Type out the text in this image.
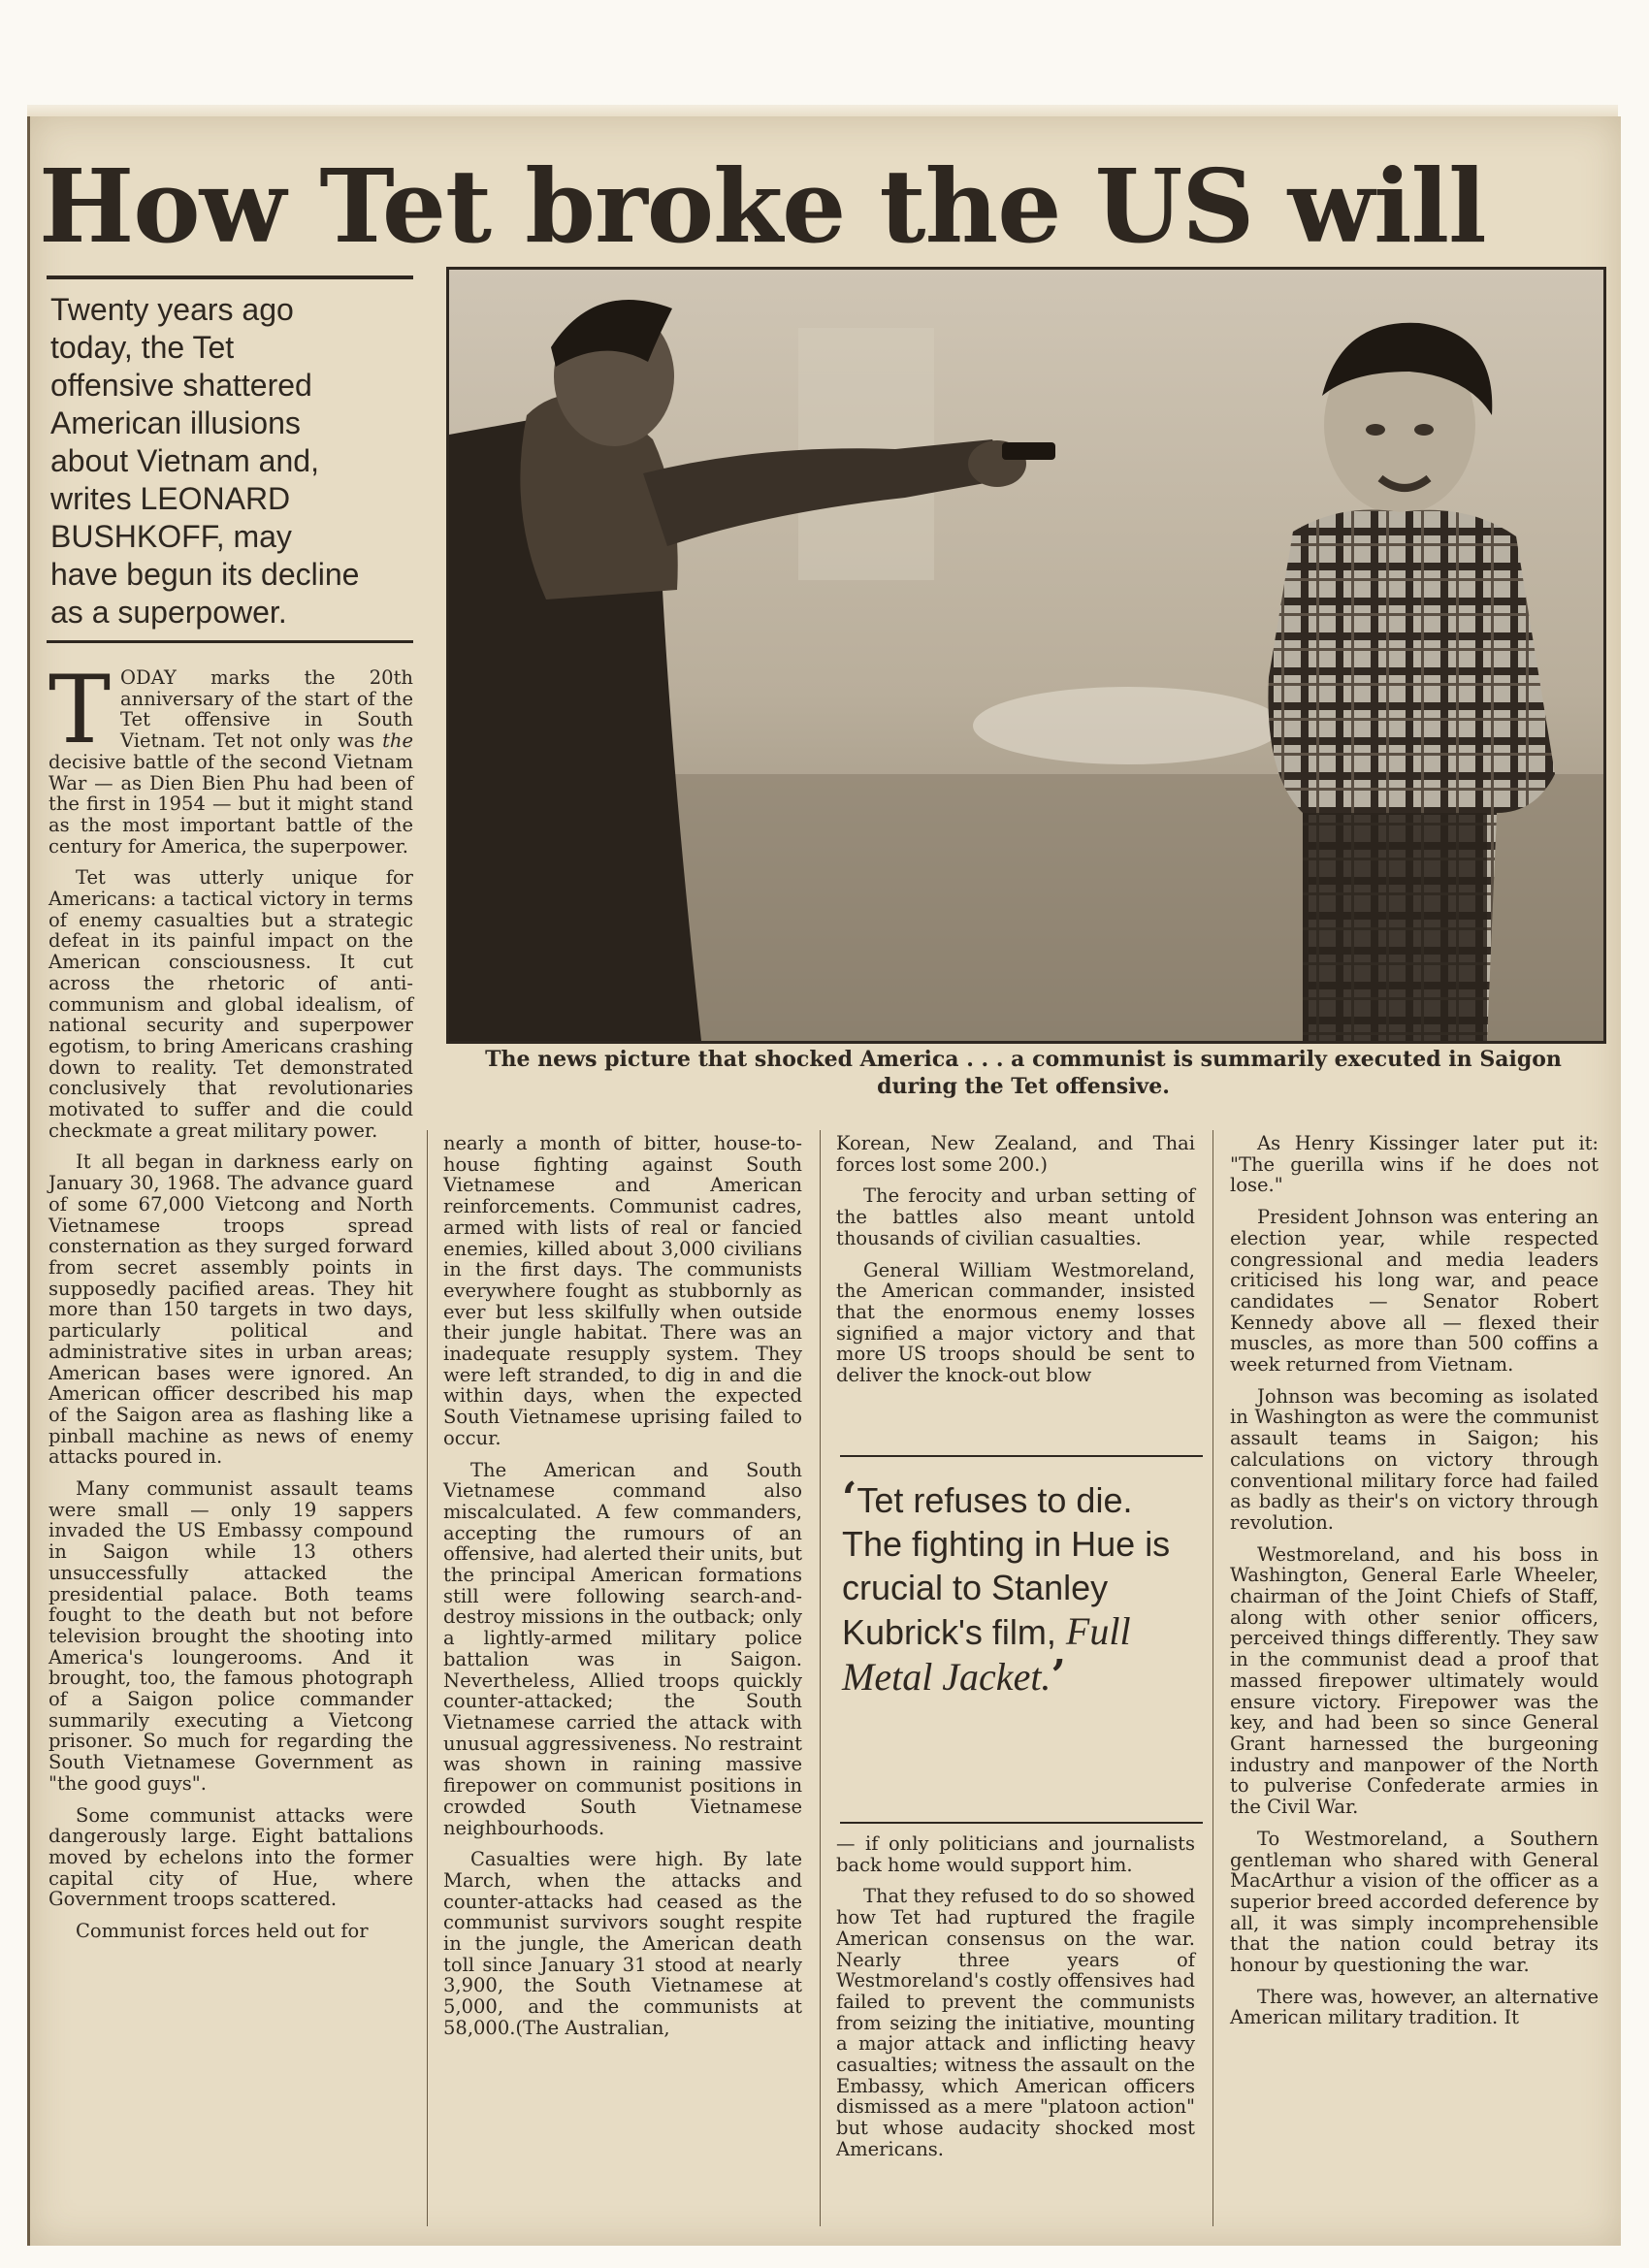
How Tet broke the US will
Twenty years ago
today, the Tet
offensive shattered
American illusions
about Vietnam and,
writes LEONARD
BUSHKOFF, may
have begun its decline
as a superpower.
The news picture that shocked America . . . a communist is summarily executed in Saigon
during the Tet offensive.

T ODAY marks the 20th anniversary of the start of the Tet offensive in South Vietnam. Tet not only was the decisive battle of the second Vietnam War — as Dien Bien Phu had been of the first in 1954 — but it might stand as the most important battle of the century for America, the superpower.

Tet was utterly unique for Americans: a tactical victory in terms of enemy casualties but a strategic defeat in its painful impact on the American consciousness. It cut across the rhetoric of anti-communism and global idealism, of national security and superpower egotism, to bring Americans crashing down to reality. Tet demonstrated conclusively that revolutionaries motivated to suffer and die could checkmate a great military power.

It all began in darkness early on January 30, 1968. The advance guard of some 67,000 Vietcong and North Vietnamese troops spread consternation as they surged forward from secret assembly points in supposedly pacified areas. They hit more than 150 targets in two days, particularly political and administrative sites in urban areas; American bases were ignored. An American officer described his map of the Saigon area as flashing like a pinball machine as news of enemy attacks poured in.

Many communist assault teams were small — only 19 sappers invaded the US Embassy compound in Saigon while 13 others unsuccessfully attacked the presidential palace. Both teams fought to the death but not before television brought the shooting into America's loungerooms. And it brought, too, the famous photograph of a Saigon police commander summarily executing a Vietcong prisoner. So much for regarding the South Vietnamese Government as "the good guys".

Some communist attacks were dangerously large. Eight battalions moved by echelons into the former capital city of Hue, where Government troops scattered.

Communist forces held out for

nearly a month of bitter, house-to-house fighting against South Vietnamese and American reinforcements. Communist cadres, armed with lists of real or fancied enemies, killed about 3,000 civilians in the first days. The communists everywhere fought as stubbornly as ever but less skilfully when outside their jungle habitat. There was an inadequate resupply system. They were left stranded, to dig in and die within days, when the expected South Vietnamese uprising failed to occur.

The American and South Vietnamese command also miscalculated. A few commanders, accepting the rumours of an offensive, had alerted their units, but the principal American formations still were following search-and-destroy missions in the outback; only a lightly-armed military police battalion was in Saigon. Nevertheless, Allied troops quickly counter-attacked; the South Vietnamese carried the attack with unusual aggressiveness. No restraint was shown in raining massive firepower on communist positions in crowded South Vietnamese neighbourhoods.

Casualties were high. By late March, when the attacks and counter-attacks had ceased as the communist survivors sought respite in the jungle, the American death toll since January 31 stood at nearly 3,900, the South Vietnamese at 5,000, and the communists at 58,000.(The Australian,

Korean, New Zealand, and Thai forces lost some 200.)

The ferocity and urban setting of the battles also meant untold thousands of civilian casualties.

General William Westmoreland, the American commander, insisted that the enormous enemy losses signified a major victory and that more US troops should be sent to deliver the knock-out blow

‘Tet refuses to die. The fighting in Hue is crucial to Stanley Kubrick's film, Full Metal Jacket.’

— if only politicians and journalists back home would support him.

That they refused to do so showed how Tet had ruptured the fragile American consensus on the war. Nearly three years of Westmoreland's costly offensives had failed to prevent the communists from seizing the initiative, mounting a major attack and inflicting heavy casualties; witness the assault on the Embassy, which American officers dismissed as a mere "platoon action" but whose audacity shocked most Americans.

As Henry Kissinger later put it: "The guerilla wins if he does not lose."

President Johnson was entering an election year, while respected congressional and media leaders criticised his long war, and peace candidates — Senator Robert Kennedy above all — flexed their muscles, as more than 500 coffins a week returned from Vietnam.

Johnson was becoming as isolated in Washington as were the communist assault teams in Saigon; his calculations on victory through conventional military force had failed as badly as their's on victory through revolution.

Westmoreland, and his boss in Washington, General Earle Wheeler, chairman of the Joint Chiefs of Staff, along with other senior officers, perceived things differently. They saw in the communist dead a proof that massed firepower ultimately would ensure victory. Firepower was the key, and had been so since General Grant harnessed the burgeoning industry and manpower of the North to pulverise Confederate armies in the Civil War.

To Westmoreland, a Southern gentleman who shared with General MacArthur a vision of the officer as a superior breed accorded deference by all, it was simply incomprehensible that the nation could betray its honour by questioning the war.

There was, however, an alternative American military tradition. It
